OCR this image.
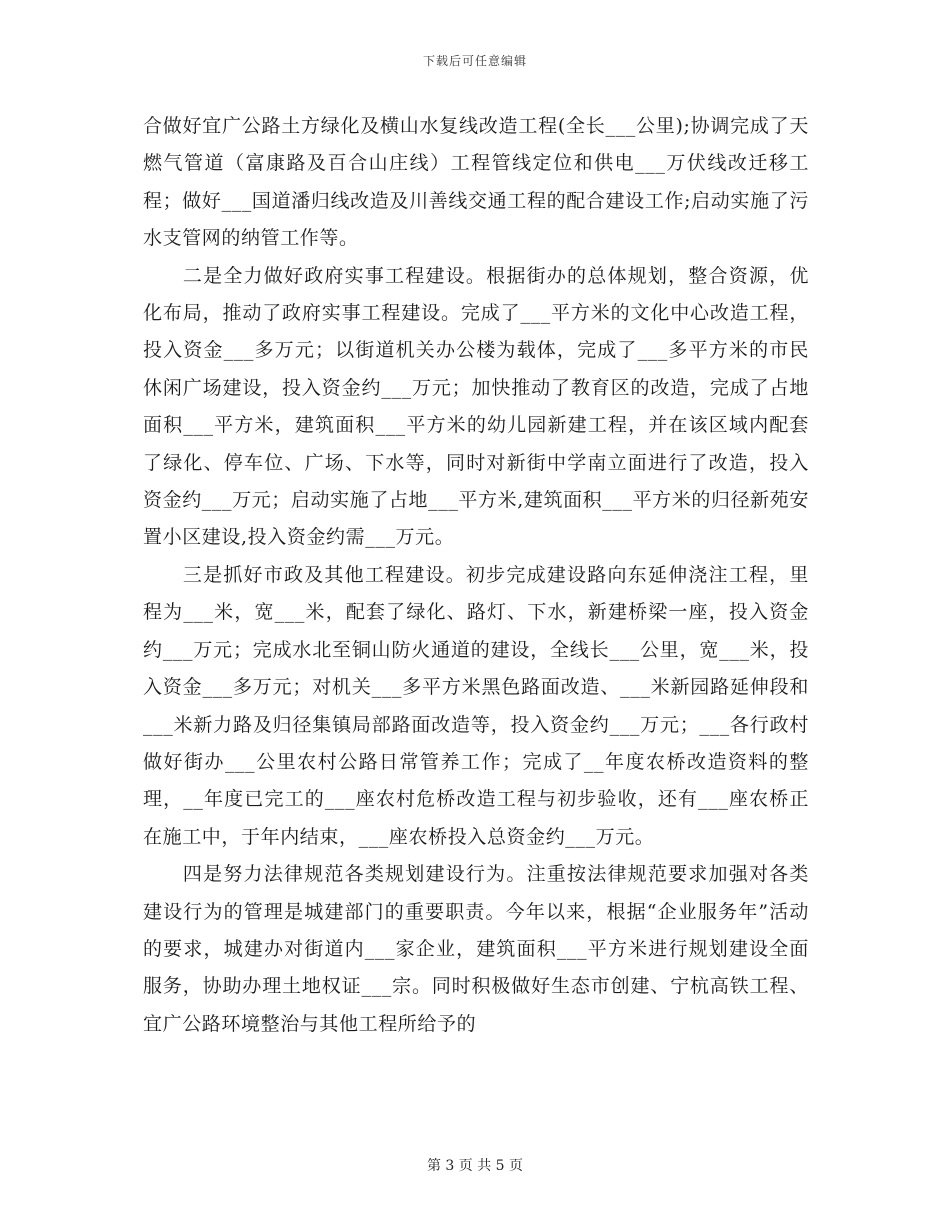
下载后可任意编辑

合做好宜广公路土方绿化及横山水复线改造工程(全长___公里);协调完成了天燃气管道（富康路及百合山庄线）工程管线定位和供电___万伏线改迁移工程；做好___国道潘归线改造及川善线交通工程的配合建设工作;启动实施了污水支管网的纳管工作等。

二是全力做好政府实事工程建设。根据街办的总体规划，整合资源，优化布局，推动了政府实事工程建设。完成了___平方米的文化中心改造工程，投入资金___多万元；以街道机关办公楼为载体，完成了___多平方米的市民休闲广场建设，投入资金约___万元；加快推动了教育区的改造，完成了占地面积___平方米，建筑面积___平方米的幼儿园新建工程，并在该区域内配套了绿化、停车位、广场、下水等，同时对新街中学南立面进行了改造，投入资金约___万元；启动实施了占地___平方米,建筑面积___平方米的归径新苑安置小区建设,投入资金约需___万元。

三是抓好市政及其他工程建设。初步完成建设路向东延伸浇注工程，里程为___米，宽___米，配套了绿化、路灯、下水，新建桥梁一座，投入资金约___万元；完成水北至铜山防火通道的建设，全线长___公里，宽___米，投入资金___多万元；对机关___多平方米黑色路面改造、___米新园路延伸段和___米新力路及归径集镇局部路面改造等，投入资金约___万元；___各行政村做好街办___公里农村公路日常管养工作；完成了__年度农桥改造资料的整理，__年度已完工的___座农村危桥改造工程与初步验收，还有___座农桥正在施工中，于年内结束，___座农桥投入总资金约___万元。

四是努力法律规范各类规划建设行为。注重按法律规范要求加强对各类建设行为的管理是城建部门的重要职责。今年以来，根据“企业服务年”活动的要求，城建办对街道内___家企业，建筑面积___平方米进行规划建设全面服务，协助办理土地权证___宗。同时积极做好生态市创建、宁杭高铁工程、宜广公路环境整治与其他工程所给予的

第 3 页 共 5 页
